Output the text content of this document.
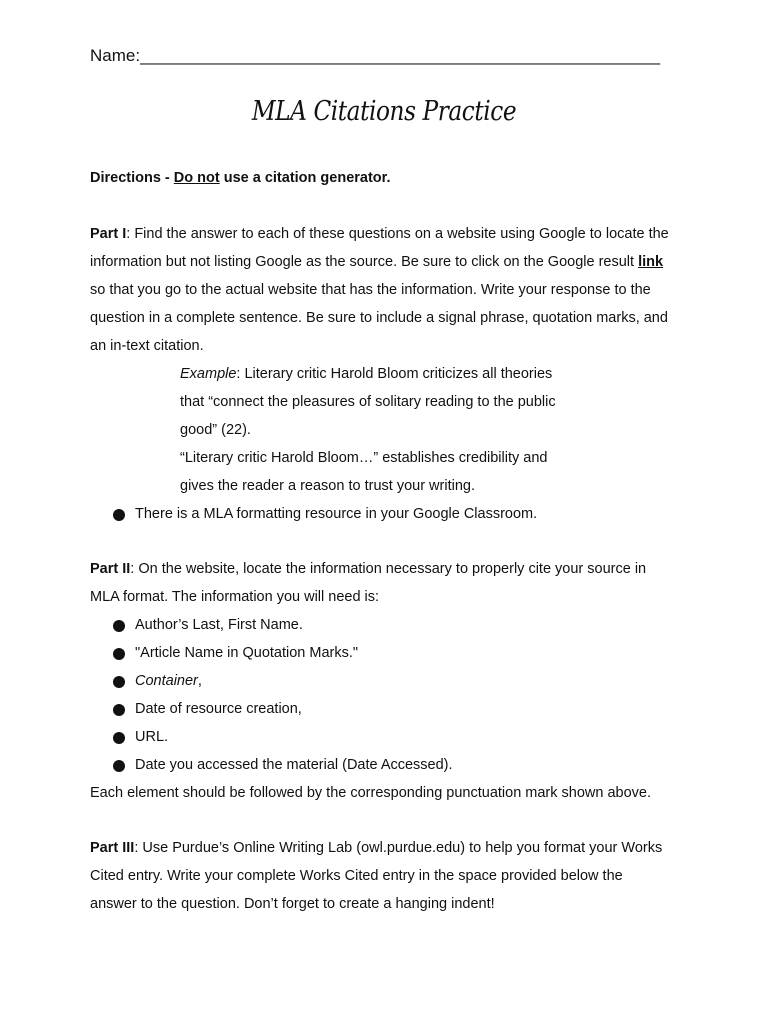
Name:_______________________________________________________
MLA Citations Practice
Directions - Do not use a citation generator.
Part I: Find the answer to each of these questions on a website using Google to locate the
information but not listing Google as the source. Be sure to click on the Google result link
so that you go to the actual website that has the information. Write your response to the
question in a complete sentence. Be sure to include a signal phrase, quotation marks, and
an in-text citation.
Example: Literary critic Harold Bloom criticizes all theories
that “connect the pleasures of solitary reading to the public
good” (22).
“Literary critic Harold Bloom…” establishes credibility and
gives the reader a reason to trust your writing.
There is a MLA formatting resource in your Google Classroom.
Part II: On the website, locate the information necessary to properly cite your source in
MLA format. The information you will need is:
Author’s Last, First Name.
"Article Name in Quotation Marks."
Container,
Date of resource creation,
URL.
Date you accessed the material (Date Accessed).
Each element should be followed by the corresponding punctuation mark shown above.
Part III: Use Purdue’s Online Writing Lab (owl.purdue.edu) to help you format your Works
Cited entry. Write your complete Works Cited entry in the space provided below the
answer to the question. Don’t forget to create a hanging indent!
